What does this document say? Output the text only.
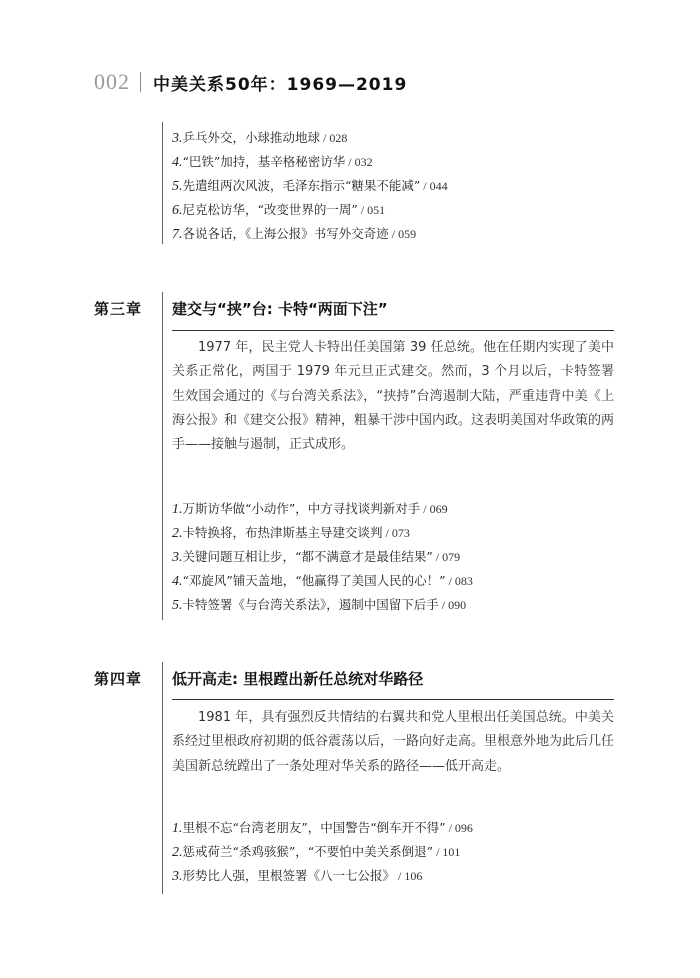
002 中美关系50年：1969—2019
3.乒乓外交，小球推动地球 / 028
4.“巴铁”加持，基辛格秘密访华 / 032
5.先遣组两次风波，毛泽东指示“糖果不能减” / 044
6.尼克松访华，“改变世界的一周” / 051
7.各说各话，《上海公报》书写外交奇迹 / 059
第三章 建交与“挟”台: 卡特“两面下注”

1977 年，民主党人卡特出任美国第 39 任总统。他在任期内实现了美中关系正常化，两国于 1979 年元旦正式建交。然而，3 个月以后，卡特签署生效国会通过的《与台湾关系法》，“挟持”台湾遏制大陆，严重违背中美《上海公报》和《建交公报》精神，粗暴干涉中国内政。这表明美国对华政策的两手——接触与遏制，正式成形。

1.万斯访华做“小动作”，中方寻找谈判新对手 / 069
2.卡特换将，布热津斯基主导建交谈判 / 073
3.关键问题互相让步，“都不满意才是最佳结果” / 079
4.“邓旋风”铺天盖地，“他赢得了美国人民的心！” / 083
5.卡特签署《与台湾关系法》，遏制中国留下后手 / 090
第四章 低开高走: 里根蹚出新任总统对华路径

1981 年，具有强烈反共情结的右翼共和党人里根出任美国总统。中美关系经过里根政府初期的低谷震荡以后，一路向好走高。里根意外地为此后几任美国新总统蹚出了一条处理对华关系的路径——低开高走。

1.里根不忘“台湾老朋友”，中国警告“倒车开不得” / 096
2.惩戒荷兰“杀鸡骇猴”，“不要怕中美关系倒退” / 101
3.形势比人强，里根签署《八一七公报》 / 106
